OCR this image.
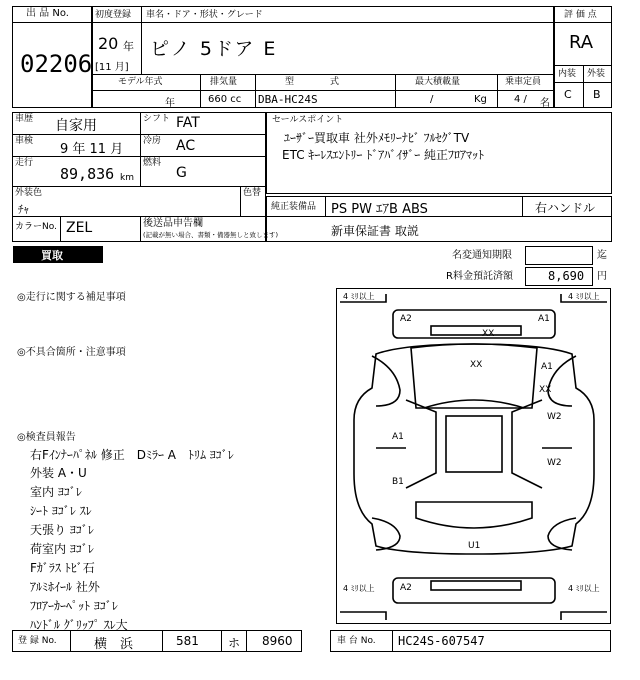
出 品 No.
02206
初度登録 車名・ドア・形状・グレード
20 年
[11 月]
ピノ 5ドア E
モデル年式	排気量	型　　　　式	最大積載量	乗車定員
年	660 cc DBA-HC24S	/	Kg	4 / 名
評 価 点
RA
内装 外装
C B
車歴 自家用	シフト FAT
車検
9 年 11 月
冷房 AC
走行
89,836 km
燃料
G
外装色
ﾁｬ
色替
カラーNo. ZEL	後送品申告欄
(記載が無い場合、書類・備器無しと致します)
セールスポイント
ﾕｰｻﾞｰ買取車 社外ﾒﾓﾘｰﾅﾋﾞ ﾌﾙｾｸﾞTV
ETC ｷｰﾚｽｴﾝﾄﾘｰ ﾄﾞｱﾊﾞｲｻﾞｰ 純正ﾌﾛｱﾏｯﾄ
純正装備品 PS PW ｴｱB ABS	右ハンドル
新車保証書 取説
買取	名変通知期限	迄
R料金預託済額	8,690 円
◎走行に関する補足事項
◎不具合箇所・注意事項
◎検査員報告
右Fｲﾝﾅｰﾊﾟﾈﾙ 修正　Dﾐﾗｰ A　ﾄﾘﾑ ﾖｺﾞﾚ
外装 A・U
室内 ﾖｺﾞﾚ
ｼｰﾄ ﾖｺﾞﾚ ｽﾚ
天張り ﾖｺﾞﾚ
荷室内 ﾖｺﾞﾚ
Fｶﾞﾗｽ ﾄﾋﾞ石
ｱﾙﾐﾎｲｰﾙ 社外
ﾌﾛｱｰｶｰﾍﾟｯﾄ ﾖｺﾞﾚ
ﾊﾝﾄﾞﾙ ｸﾞﾘｯﾌﾟ ｽﾚ大
4 ﾐﾘ以上	4 ﾐﾘ以上
4 ﾐﾘ以上	4 ﾐﾘ以上
A2	A1
XX
XX	A1
XX
W2
W2
A1
B1
U1
A2
登 録 No.	横　浜	581 ホ 8960	車 台 No. HC24S-607547
